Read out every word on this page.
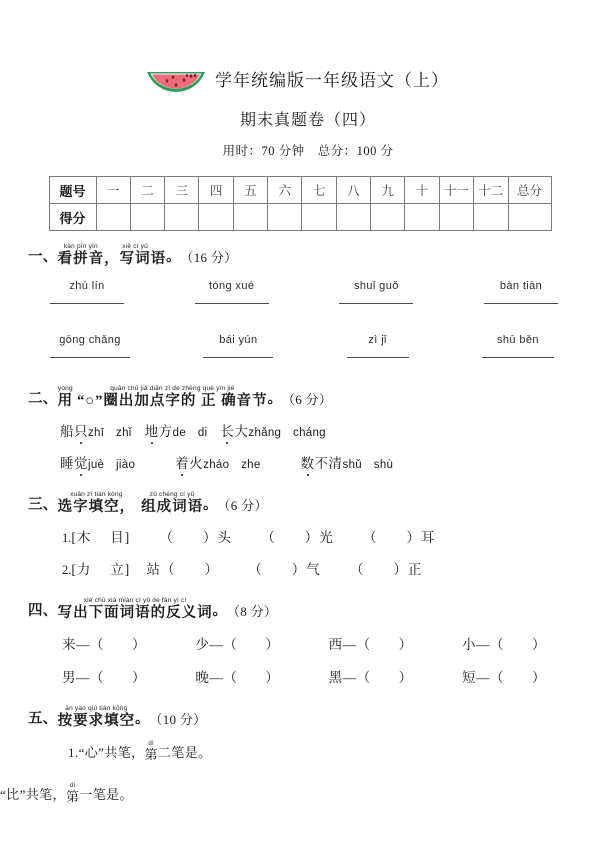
学年统编版一年级语文（上）
期末真题卷（四）
用时：70 分钟　总分：100 分
题号	一	二	三	四	五	六	七	八	九	十	十一	十二	总分
得分													
一、
kàn pīn yīn
看拼音
xiě cí yǔ
，写词语 。 （16 分）
zhú lín	tóng xué	shuǐ guǒ	bàn tiān
gōng chǎng	bái yún	zì jǐ	shū běn
二、
yòng
用
quān chū jiā diǎn zì de zhèng què yīn jié
“○”圈出加点字的 正 确音节 。 （6 分）
船只 zhī　zhǐ 地方 de　di 长大 zhǎng　cháng
睡觉 juè　jiào	着火 zháo　zhe	数不清 shǔ　shù
三、
xuǎn zì tián kòng
选字填空，
zǔ chéng cí yǔ
组成词语 。 （6 分）
1.[木　 目] （　　）头 （　　）光 （　　）耳
2.[力　 立] 站（　　） （　　）气 （　　）正
四、
xiě chū xià miàn cí yǔ de fǎn yì cí
写出下面词语的反义词 。 （8 分）
来—（　　）	少—（　　）	西—（　　）	小—（　　）
男—（　　）	晚—（　　）	黑—（　　）	短—（　　）
五、
àn yào qiú tián kòng
按要求填空 。 （10 分）
1.“心”共笔，
dì
第 二笔是。
“比”共笔，
dì
第 一笔是。
